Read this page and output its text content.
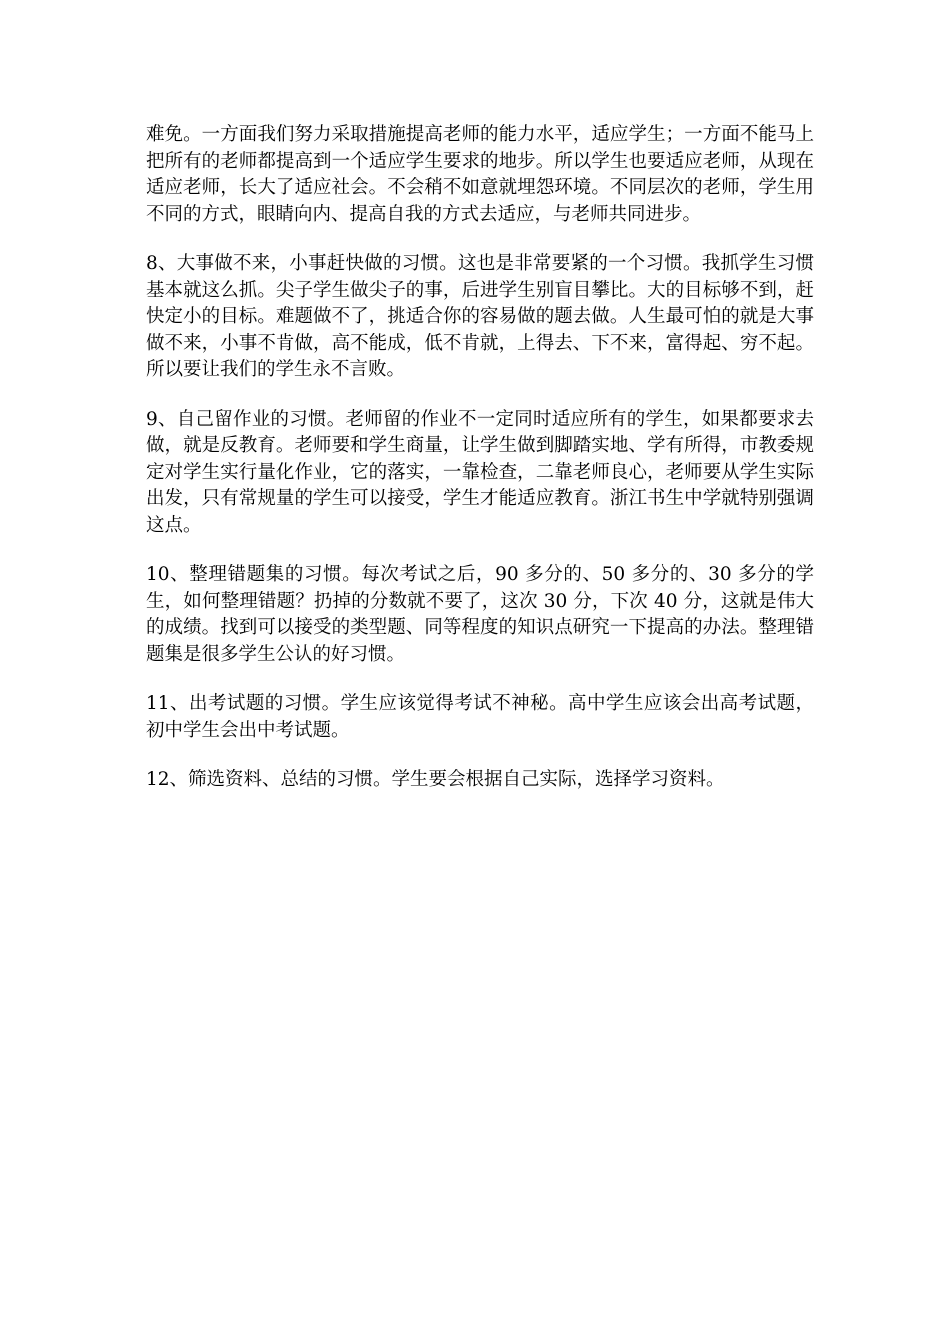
难免。一方面我们努力采取措施提高老师的能力水平，适应学生；一方面不能马上把所有的老师都提高到一个适应学生要求的地步。所以学生也要适应老师，从现在适应老师，长大了适应社会。不会稍不如意就埋怨环境。不同层次的老师，学生用不同的方式，眼睛向内、提高自我的方式去适应，与老师共同进步。

8、大事做不来，小事赶快做的习惯。这也是非常要紧的一个习惯。我抓学生习惯基本就这么抓。尖子学生做尖子的事，后进学生别盲目攀比。大的目标够不到，赶快定小的目标。难题做不了，挑适合你的容易做的题去做。人生最可怕的就是大事做不来，小事不肯做，高不能成，低不肯就，上得去、下不来，富得起、穷不起。所以要让我们的学生永不言败。

9、自己留作业的习惯。老师留的作业不一定同时适应所有的学生，如果都要求去做，就是反教育。老师要和学生商量，让学生做到脚踏实地、学有所得，市教委规定对学生实行量化作业，它的落实，一靠检查，二靠老师良心，老师要从学生实际出发，只有常规量的学生可以接受，学生才能适应教育。浙江书生中学就特别强调这点。

10、整理错题集的习惯。每次考试之后，90 多分的、50 多分的、30 多分的学生，如何整理错题？扔掉的分数就不要了，这次 30 分，下次 40 分，这就是伟大的成绩。找到可以接受的类型题、同等程度的知识点研究一下提高的办法。整理错题集是很多学生公认的好习惯。

11、出考试题的习惯。学生应该觉得考试不神秘。高中学生应该会出高考试题，初中学生会出中考试题。

12、筛选资料、总结的习惯。学生要会根据自己实际，选择学习资料。
